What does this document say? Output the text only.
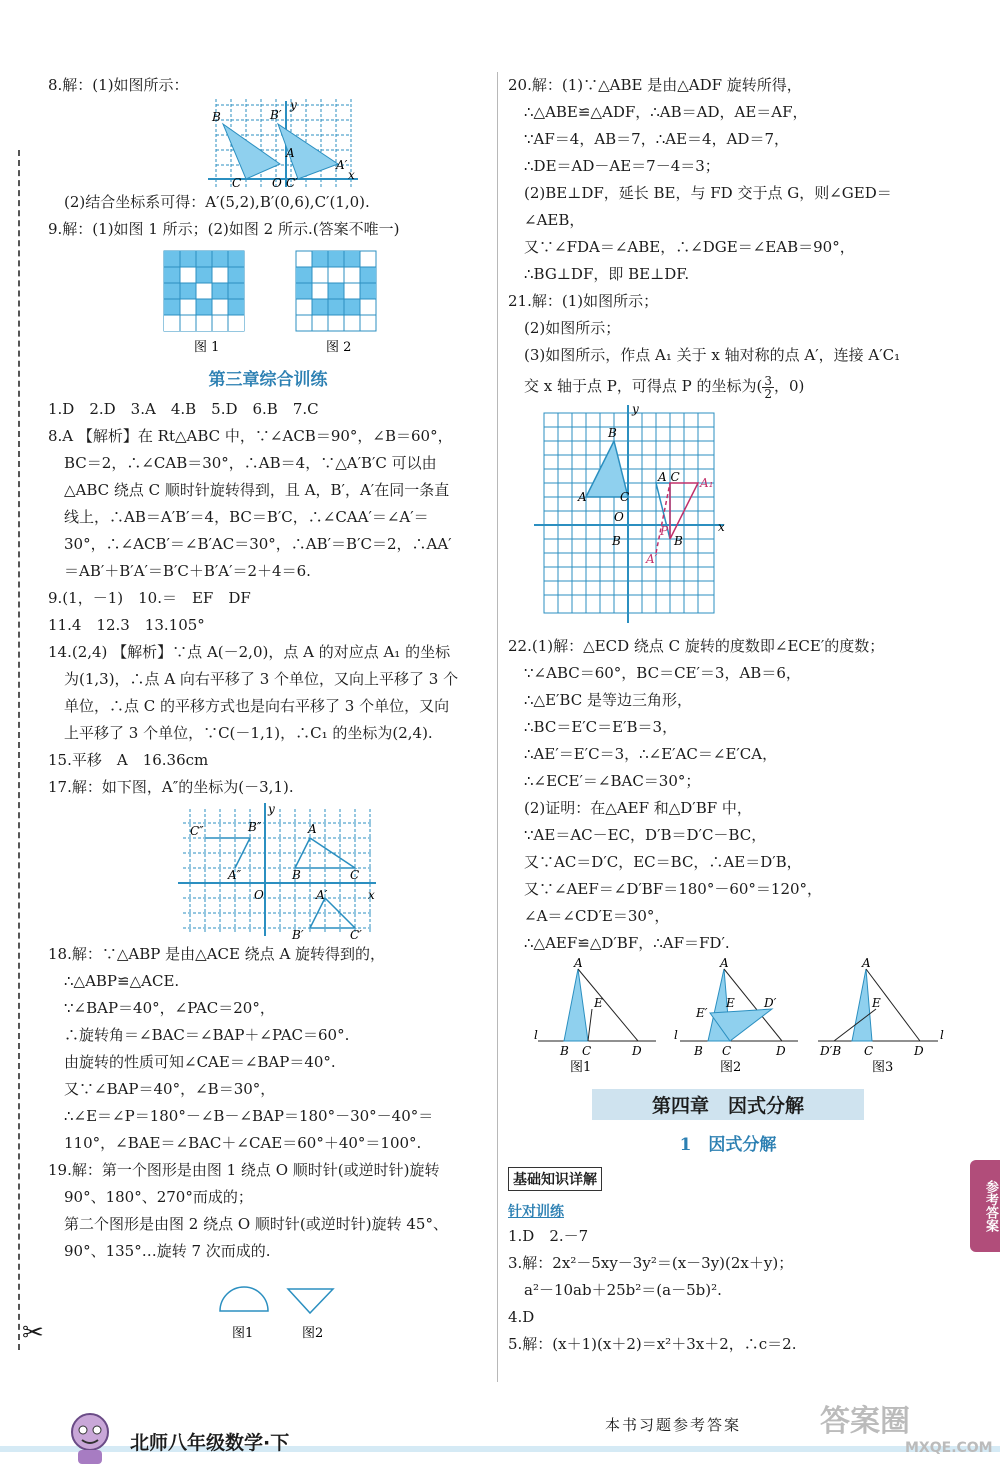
✂
8.解：(1)如图所示：
B	B′
A
A′
C	O C′
x
y
(2)结合坐标系可得：A′(5,2),B′(0,6),C′(1,0).
9.解：(1)如图 1 所示；(2)如图 2 所示.(答案不唯一)
图 1	图 2
第三章综合训练
1.D　2.D　3.A　4.B　5.D　6.B　7.C
8.A 【解析】在 Rt△ABC 中，∵∠ACB＝90°，∠B＝60°，
BC＝2，∴∠CAB＝30°，∴AB＝4，∵△A′B′C 可以由
△ABC 绕点 C 顺时针旋转得到，且 A，B′，A′在同一条直
线上，∴AB＝A′B′＝4，BC＝B′C，∴∠CAA′＝∠A′＝
30°，∴∠ACB′＝∠B′AC＝30°，∴AB′＝B′C＝2，∴AA′
＝AB′＋B′A′＝B′C＋B′A′＝2＋4＝6.
9.(1，－1)　10.＝　EF　DF
11.4　12.3　13.105°
14.(2,4) 【解析】∵点 A(－2,0)，点 A 的对应点 A₁ 的坐标
为(1,3)，∴点 A 向右平移了 3 个单位，又向上平移了 3 个
单位，∴点 C 的平移方式也是向右平移了 3 个单位，又向
上平移了 3 个单位，∵C(－1,1)，∴C₁ 的坐标为(2,4).
15.平移　A　16.36cm
17.解：如下图，A″的坐标为(－3,1).
C″	B″
A″
A
B	C
O	A′
B′	C′
x
y
18.解：∵△ABP 是由△ACE 绕点 A 旋转得到的，
∴△ABP≌△ACE.
∵∠BAP＝40°，∠PAC＝20°，
∴旋转角＝∠BAC＝∠BAP＋∠PAC＝60°.
由旋转的性质可知∠CAE＝∠BAP＝40°.
又∵∠BAP＝40°，∠B＝30°，
∴∠E＝∠P＝180°－∠B－∠BAP＝180°－30°－40°＝
110°，∠BAE＝∠BAC＋∠CAE＝60°＋40°＝100°.
19.解：第一个图形是由图 1 绕点 O 顺时针(或逆时针)旋转
90°、180°、270°而成的；
第二个图形是由图 2 绕点 O 顺时针(或逆时针)旋转 45°、
90°、135°…旋转 7 次而成的.
图1	图2
20.解：(1)∵△ABE 是由△ADF 旋转所得，
∴△ABE≌△ADF，∴AB＝AD，AE＝AF，
∵AF＝4，AB＝7，∴AE＝4，AD＝7，
∴DE＝AD－AE＝7－4＝3；
(2)BE⊥DF，延长 BE，与 FD 交于点 G，则∠GED＝
∠AEB，
又∵∠FDA＝∠ABE，∴∠DGE＝∠EAB＝90°，
∴BG⊥DF，即 BE⊥DF.
21.解：(1)如图所示；
(2)如图所示；
(3)如图所示，作点 A₁ 关于 x 轴对称的点 A′，连接 A′C₁
交 x 轴于点 P，可得点 P 的坐标为( $\frac{3}{2}$，0)
B
A	C
O
B
A C A₁
P
B
A′
x
y
22.(1)解：△ECD 绕点 C 旋转的度数即∠ECE′的度数；
∵∠ABC＝60°，BC＝CE′＝3，AB＝6，
∴△E′BC 是等边三角形，
∴BC＝E′C＝E′B＝3，
∴AE′＝E′C＝3，∴∠E′AC＝∠E′CA，
∴∠ECE′＝∠BAC＝30°；
(2)证明：在△AEF 和△D′BF 中，
∵AE＝AC－EC，D′B＝D′C－BC，
又∵AC＝D′C，EC＝BC，∴AE＝D′B，
又∵∠AEF＝∠D′BF＝180°－60°＝120°，
∠A＝∠CD′E＝30°，
∴△AEF≌△D′BF，∴AF＝FD′.
A
E
l
B C	D
A
E
E′
D′
l
B C	D
A
E
D′B C	D
l
图1	图2	图3
第四章　因式分解
1　因式分解
基础知识详解
针对训练
1.D　2.－7
3.解：2x²－5xy－3y²＝(x－3y)(2x＋y)；
a²－10ab＋25b²＝(a－5b)².
4.D
5.解：(x＋1)(x＋2)＝x²＋3x＋2，∴c＝2.
参考答案
北师八年级数学·下
本书习题参考答案	答案圈
MXQE.COM
